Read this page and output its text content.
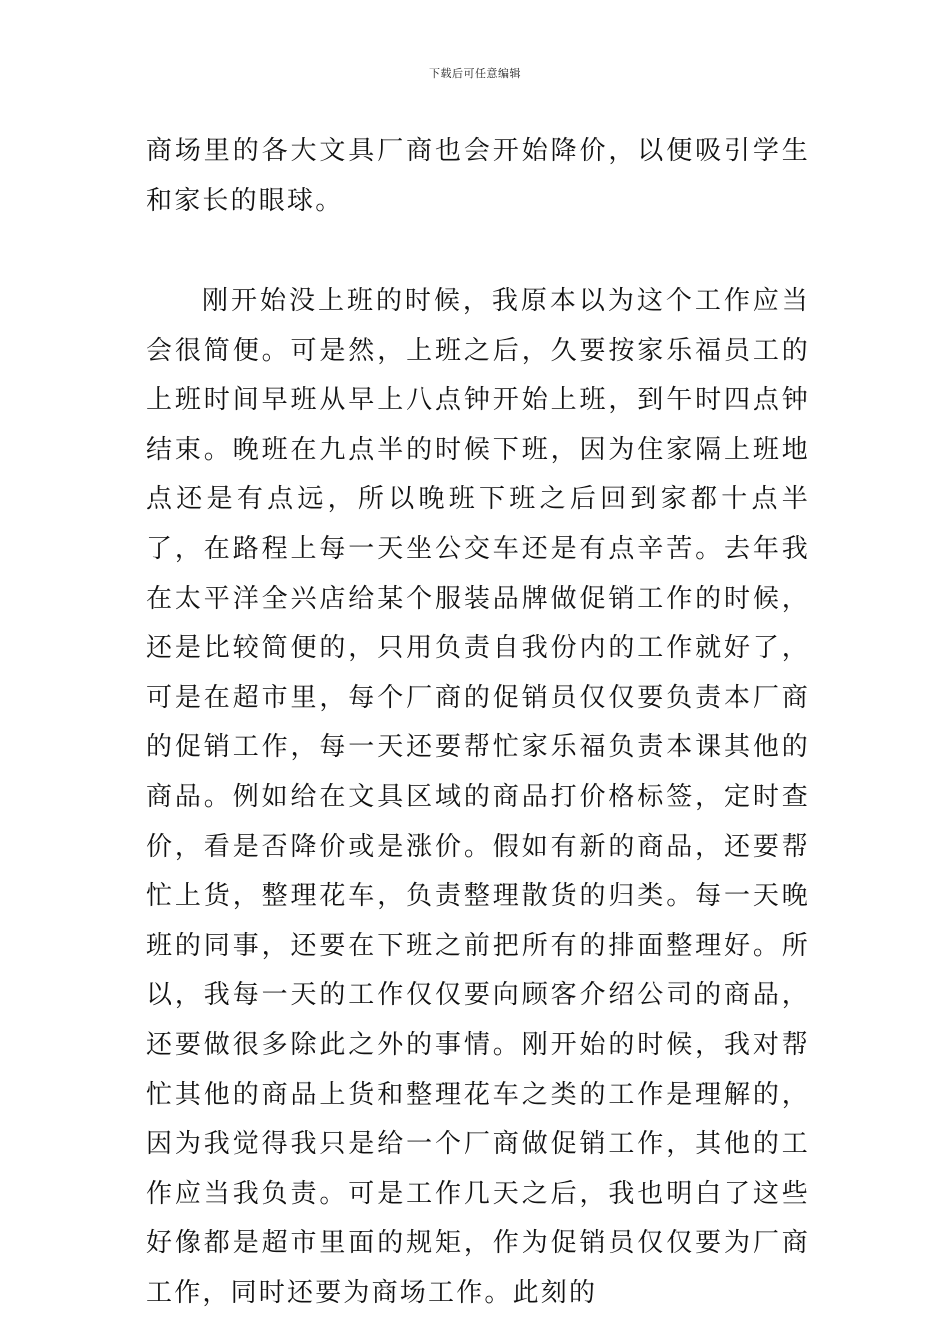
下载后可任意编辑

商场里的各大文具厂商也会开始降价，以便吸引学生和家长的眼球。

刚开始没上班的时候，我原本以为这个工作应当会很简便。可是然，上班之后，久要按家乐福员工的上班时间早班从早上八点钟开始上班，到午时四点钟结束。晚班在九点半的时候下班，因为住家隔上班地点还是有点远，所以晚班下班之后回到家都十点半了，在路程上每一天坐公交车还是有点辛苦。去年我在太平洋全兴店给某个服装品牌做促销工作的时候，还是比较简便的，只用负责自我份内的工作就好了，可是在超市里，每个厂商的促销员仅仅要负责本厂商的促销工作，每一天还要帮忙家乐福负责本课其他的商品。例如给在文具区域的商品打价格标签，定时查价，看是否降价或是涨价。假如有新的商品，还要帮忙上货，整理花车，负责整理散货的归类。每一天晚班的同事，还要在下班之前把所有的排面整理好。所以，我每一天的工作仅仅要向顾客介绍公司的商品，还要做很多除此之外的事情。刚开始的时候，我对帮忙其他的商品上货和整理花车之类的工作是理解的，因为我觉得我只是给一个厂商做促销工作，其他的工作应当我负责。可是工作几天之后，我也明白了这些好像都是超市里面的规矩，作为促销员仅仅要为厂商工作，同时还要为商场工作。此刻的
